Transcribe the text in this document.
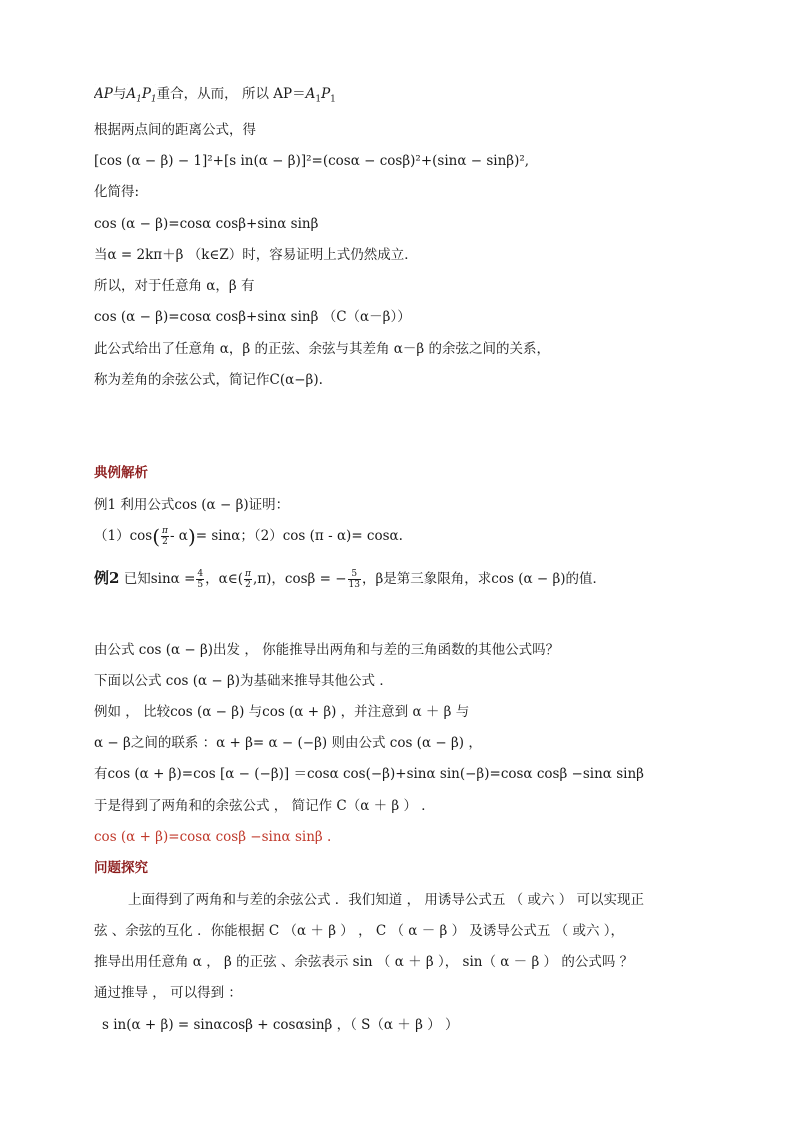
AP与$A_1P_1$重合，从而， 所以 $AP=A_1P_1$
根据两点间的距离公式，得
[cos (α − β) − 1]²+[s in(α − β)]²=(cosα − cosβ)²+(sinα − sinβ)²,
化简得:
cos (α − β)=cosα cosβ+sinα sinβ
当α = 2kπ＋β （k∈Z）时，容易证明上式仍然成立．
所以，对于任意角 α，β 有
cos (α − β)=cosα cosβ+sinα sinβ （C（α－β））
此公式给出了任意角 α，β 的正弦、余弦与其差角 α－β 的余弦之间的关系，
称为差角的余弦公式，简记作C(α−β).
典例解析
例1 利用公式cos (α − β)证明：
$(1)\cos( \frac{\pi}{2} - \alpha)= \sin\alpha$；（2）cos (π - α)= cosα.
例2 已知$\sin\alpha = \frac{4}{5}$ ，α∈( $\frac{\pi}{2} ,\pi$)，cosβ = − $\frac{5}{13}$ ，β是第三象限角，求cos (α − β)的值．
由公式 cos (α − β)出发 ， 你能推导出两角和与差的三角函数的其他公式吗？
下面以公式 cos (α − β)为基础来推导其他公式 ．
例如 ， 比较cos (α − β) 与cos (α + β) ，并注意到 α ＋ β 与
α − β之间的联系 ：α + β= α − (−β) 则由公式 cos (α − β) ，
有cos (α + β)=cos [α − (−β)] ＝cosα cos(−β)+sinα sin(−β)=cosα cosβ −sinα sinβ
于是得到了两角和的余弦公式 ， 简记作 C（α ＋ β ） ．
cos (α + β)=cosα cosβ −sinα sinβ .
问题探究
上面得到了两角和与差的余弦公式 ．我们知道 ， 用诱导公式五 （ 或六 ） 可以实现正
弦 、余弦的互化 ．你能根据 C （α ＋ β ） ， C （ α － β ） 及诱导公式五 （ 或六 ），
推导出用任意角 α ， β 的正弦 、余弦表示 sin （ α ＋ β ）， sin（ α － β ） 的公式吗 ？
通过推导 ， 可以得到 ：
s in(α + β) = sinαcosβ + cosαsinβ ，（ S（α ＋ β ） ）
